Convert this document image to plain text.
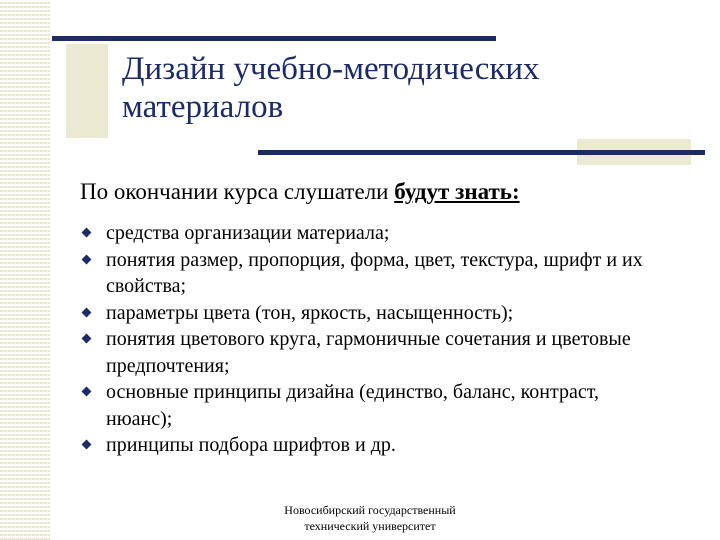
Дизайн учебно-методических материалов
По окончании курса слушатели будут знать:
средства организации материала;
понятия размер, пропорция, форма, цвет, текстура, шрифт и их свойства;
параметры цвета (тон, яркость, насыщенность);
понятия цветового круга, гармоничные сочетания и цветовые предпочтения;
основные принципы дизайна (единство, баланс, контраст, нюанс);
принципы подбора шрифтов и др.
Новосибирский государственный
технический университет
